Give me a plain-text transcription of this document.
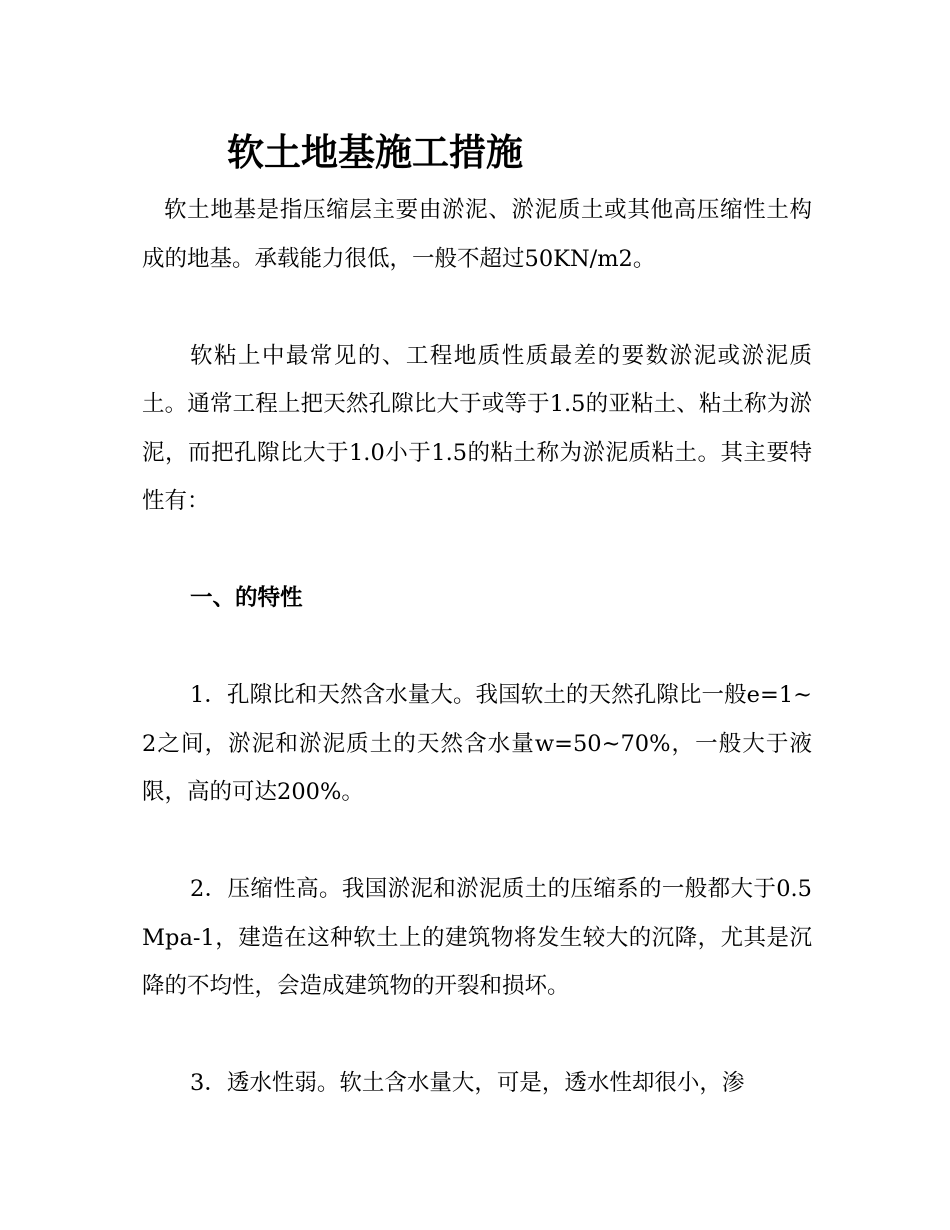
软土地基施工措施

软土地基是指压缩层主要由淤泥、淤泥质土或其他高压缩性土构成的地基。承载能力很低，一般不超过50KN/m2。

软粘上中最常见的、工程地质性质最差的要数淤泥或淤泥质土。通常工程上把天然孔隙比大于或等于1.5的亚粘土、粘土称为淤泥，而把孔隙比大于1.0小于1.5的粘土称为淤泥质粘土。其主要特性有：

一、的特性

1．孔隙比和天然含水量大。我国软土的天然孔隙比一般e=1~2之间，淤泥和淤泥质土的天然含水量w=50~70%，一般大于液限，高的可达200%。

2．压缩性高。我国淤泥和淤泥质土的压缩系的一般都大于0.5Mpa-1，建造在这种软土上的建筑物将发生较大的沉降，尤其是沉降的不均性，会造成建筑物的开裂和损坏。

3．透水性弱。软土含水量大，可是，透水性却很小，渗
